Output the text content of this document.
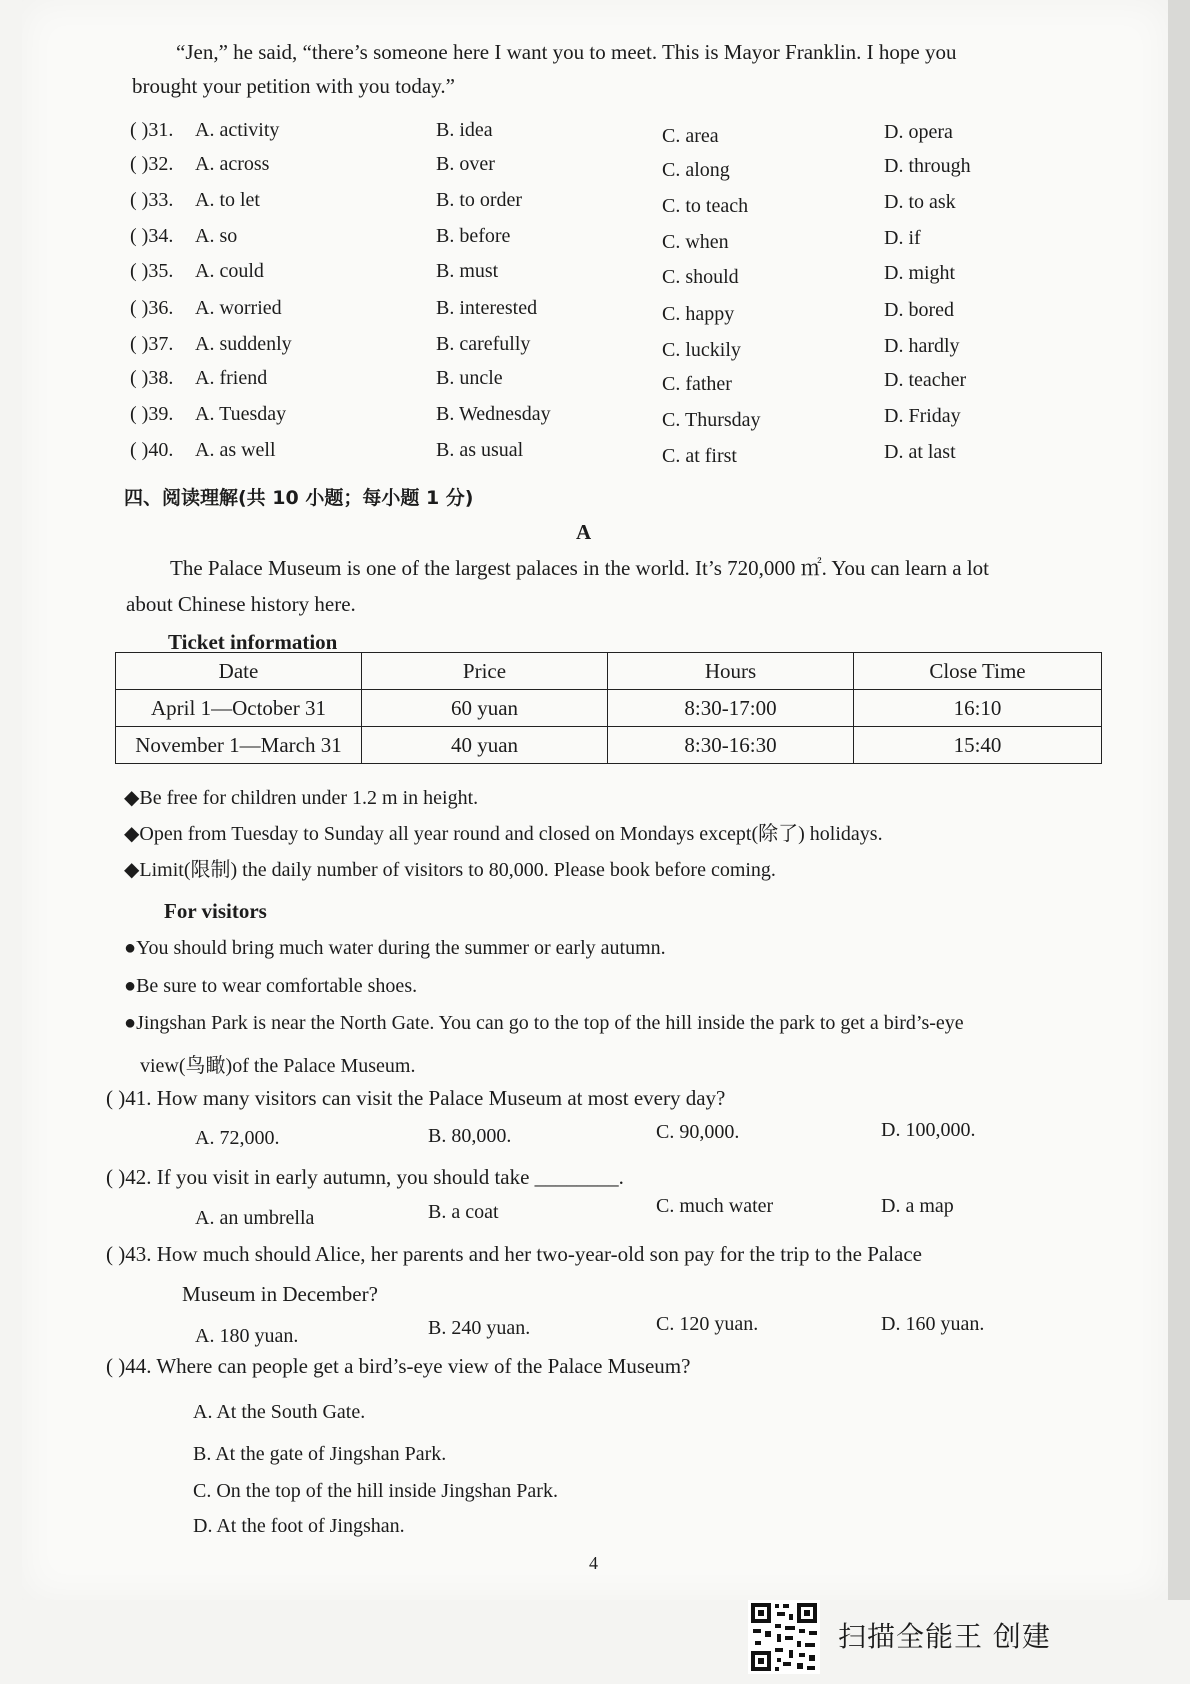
“Jen,” he said, “there’s someone here I want you to meet. This is Mayor Franklin. I hope you
brought your petition with you today.”
( )31. A. activity	B. idea	C. area	D. opera
( )32. A. across	B. over	C. along	D. through
( )33. A. to let	B. to order	C. to teach	D. to ask
( )34. A. so	B. before	C. when	D. if
( )35. A. could	B. must	C. should	D. might
( )36. A. worried	B. interested	C. happy	D. bored
( )37. A. suddenly	B. carefully	C. luckily	D. hardly
( )38. A. friend	B. uncle	C. father	D. teacher
( )39. A. Tuesday	B. Wednesday	C. Thursday	D. Friday
( )40. A. as well	B. as usual	C. at first	D. at last
四、阅读理解(共 10 小题；每小题 1 分)
A
The Palace Museum is one of the largest palaces in the world. It’s 720,000 ㎡. You can learn a lot
about Chinese history here.
Ticket information
Date	Price	Hours	Close Time
April 1—October 31	60 yuan	8:30-17:00	16:10
November 1—March 31	40 yuan	8:30-16:30	15:40
◆Be free for children under 1.2 m in height.
◆Open from Tuesday to Sunday all year round and closed on Mondays except(除了) holidays.
◆Limit(限制) the daily number of visitors to 80,000. Please book before coming.
For visitors
●You should bring much water during the summer or early autumn.
●Be sure to wear comfortable shoes.
●Jingshan Park is near the North Gate. You can go to the top of the hill inside the park to get a bird’s-eye
view(鸟瞰)of the Palace Museum.
( )41. How many visitors can visit the Palace Museum at most every day?
A. 72,000.	B. 80,000.	C. 90,000.	D. 100,000.
( )42. If you visit in early autumn, you should take ________.
A. an umbrella	B. a coat	C. much water	D. a map
( )43. How much should Alice, her parents and her two-year-old son pay for the trip to the Palace
Museum in December?
A. 180 yuan.	B. 240 yuan.	C. 120 yuan.	D. 160 yuan.
( )44. Where can people get a bird’s-eye view of the Palace Museum?
A. At the South Gate.
B. At the gate of Jingshan Park.
C. On the top of the hill inside Jingshan Park.
D. At the foot of Jingshan.
4
扫描全能王 创建
